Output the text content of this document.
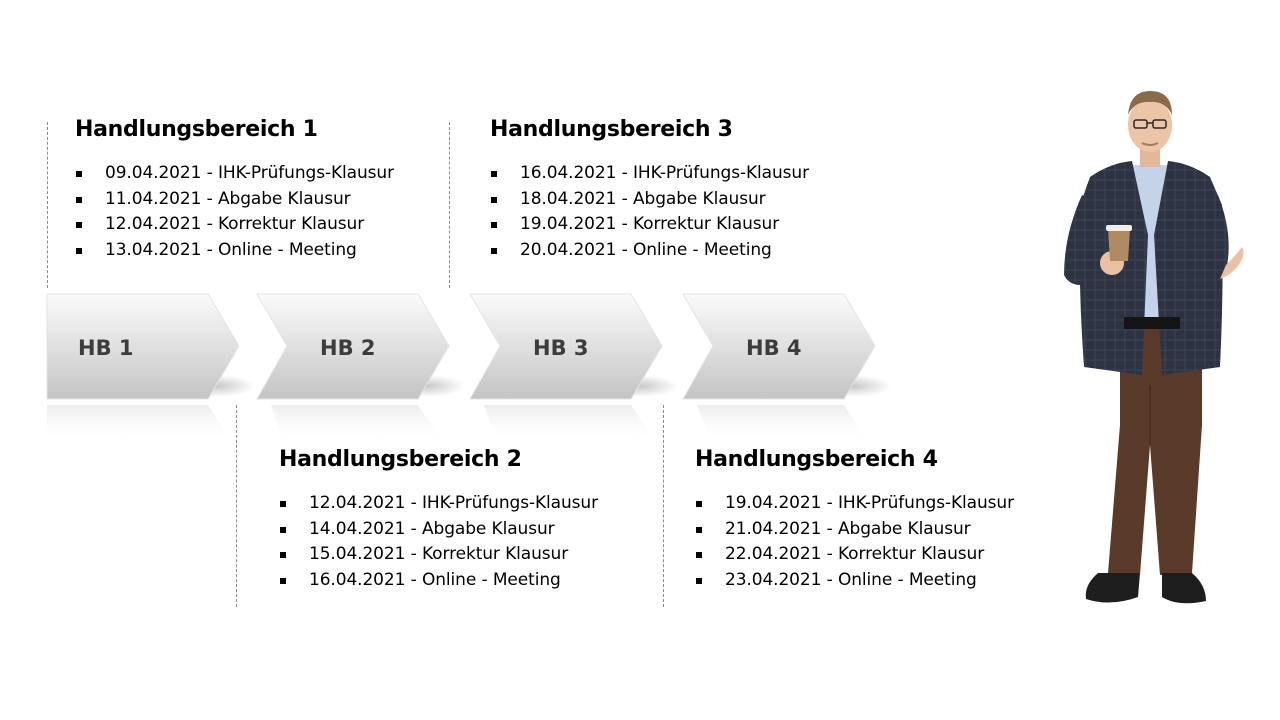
Handlungsbereich 1
09.04.2021 - IHK-Prüfungs-Klausur
11.04.2021 - Abgabe Klausur
12.04.2021 - Korrektur Klausur
13.04.2021 - Online - Meeting
Handlungsbereich 3
16.04.2021 - IHK-Prüfungs-Klausur
18.04.2021 - Abgabe Klausur
19.04.2021 - Korrektur Klausur
20.04.2021 - Online - Meeting
Handlungsbereich 2
12.04.2021 - IHK-Prüfungs-Klausur
14.04.2021 - Abgabe Klausur
15.04.2021 - Korrektur Klausur
16.04.2021 - Online - Meeting
Handlungsbereich 4
19.04.2021 - IHK-Prüfungs-Klausur
21.04.2021 - Abgabe Klausur
22.04.2021 - Korrektur Klausur
23.04.2021 - Online - Meeting
HB 1	HB 2	HB 3	HB 4
